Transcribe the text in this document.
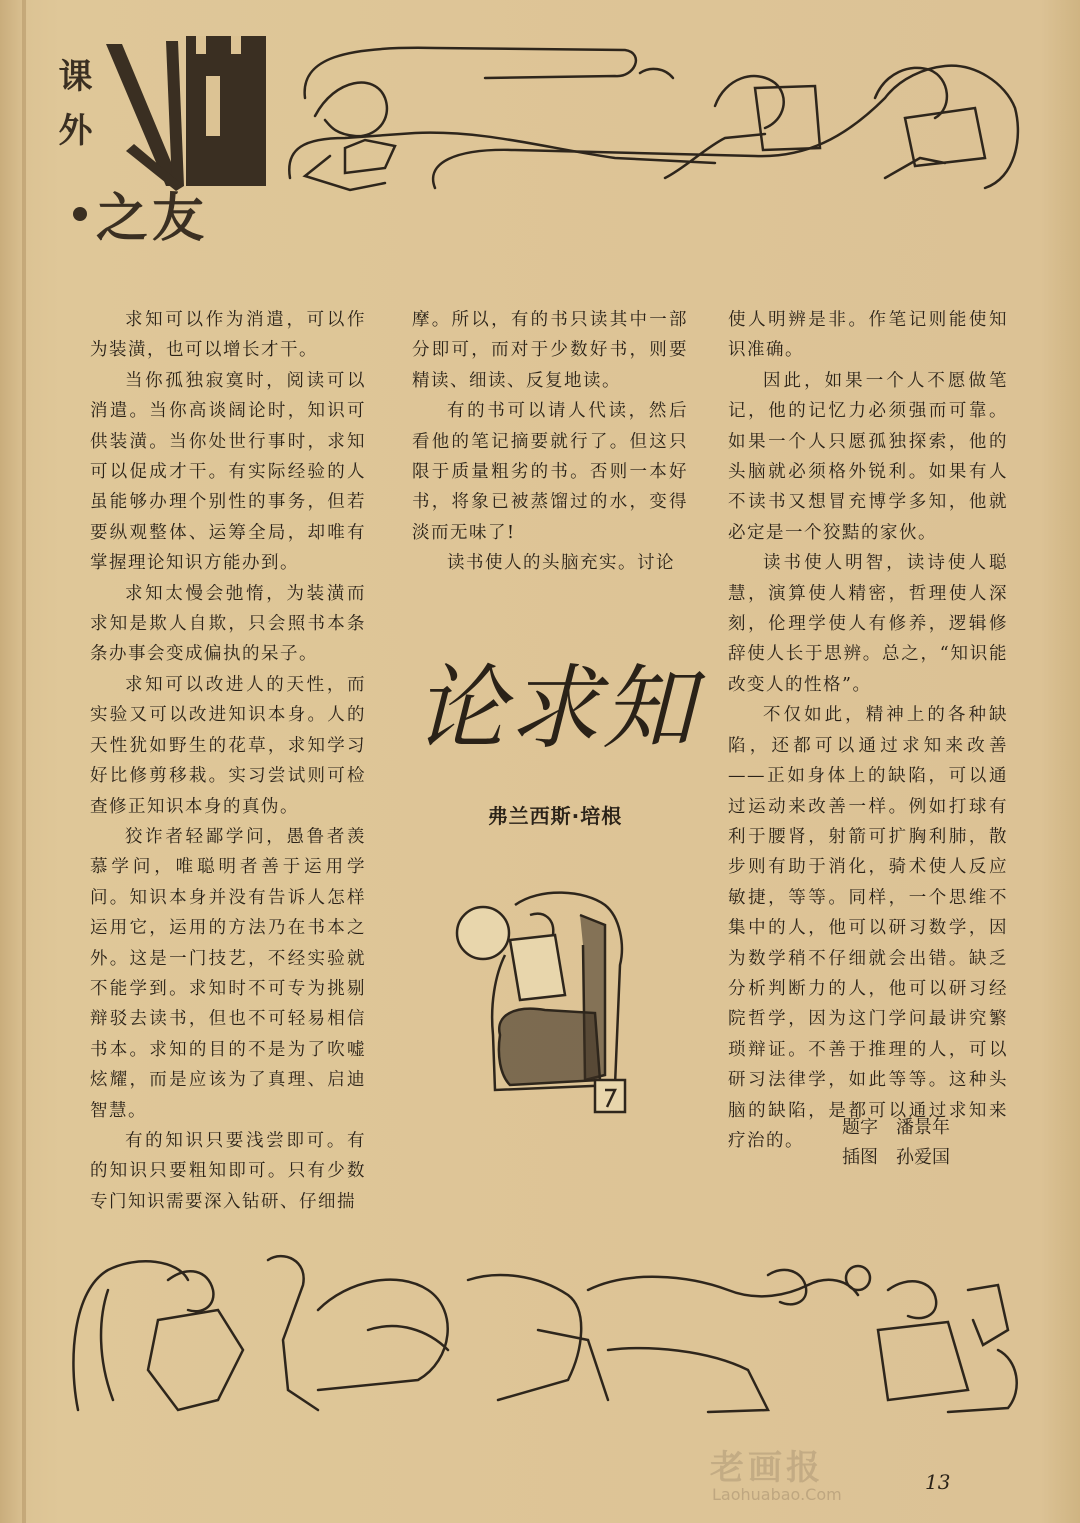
课外
之友

求知可以作为消遣，可以作为装潢，也可以增长才干。

当你孤独寂寞时，阅读可以消遣。当你高谈阔论时，知识可供装潢。当你处世行事时，求知可以促成才干。有实际经验的人虽能够办理个别性的事务，但若要纵观整体、运筹全局，却唯有掌握理论知识方能办到。

求知太慢会弛惰，为装潢而求知是欺人自欺，只会照书本条条办事会变成偏执的呆子。

求知可以改进人的天性，而实验又可以改进知识本身。人的天性犹如野生的花草，求知学习好比修剪移栽。实习尝试则可检查修正知识本身的真伪。

狡诈者轻鄙学问，愚鲁者羡慕学问，唯聪明者善于运用学问。知识本身并没有告诉人怎样运用它，运用的方法乃在书本之外。这是一门技艺，不经实验就不能学到。求知时不可专为挑剔辩驳去读书，但也不可轻易相信书本。求知的目的不是为了吹嘘炫耀，而是应该为了真理、启迪智慧。

有的知识只要浅尝即可。有的知识只要粗知即可。只有少数专门知识需要深入钻研、仔细揣

摩。所以，有的书只读其中一部分即可，而对于少数好书，则要精读、细读、反复地读。

有的书可以请人代读，然后看他的笔记摘要就行了。但这只限于质量粗劣的书。否则一本好书，将象已被蒸馏过的水，变得淡而无味了!

读书使人的头脑充实。讨论

论求知
弗兰西斯·培根

使人明辨是非。作笔记则能使知识准确。

因此，如果一个人不愿做笔记，他的记忆力必须强而可靠。如果一个人只愿孤独探索，他的头脑就必须格外锐利。如果有人不读书又想冒充博学多知，他就必定是一个狡黠的家伙。

读书使人明智，读诗使人聪慧，演算使人精密，哲理使人深刻，伦理学使人有修养，逻辑修辞使人长于思辨。总之，“知识能改变人的性格”。

不仅如此，精神上的各种缺陷，还都可以通过求知来改善——正如身体上的缺陷，可以通过运动来改善一样。例如打球有利于腰肾，射箭可扩胸利肺，散步则有助于消化，骑术使人反应敏捷，等等。同样，一个思维不集中的人，他可以研习数学，因为数学稍不仔细就会出错。缺乏分析判断力的人，他可以研习经院哲学，因为这门学问最讲究繁琐辩证。不善于推理的人，可以研习法律学，如此等等。这种头脑的缺陷，是都可以通过求知来疗治的。

题字　潘景年
插图　孙爱国
老画报
Laohuabao.Com
13
